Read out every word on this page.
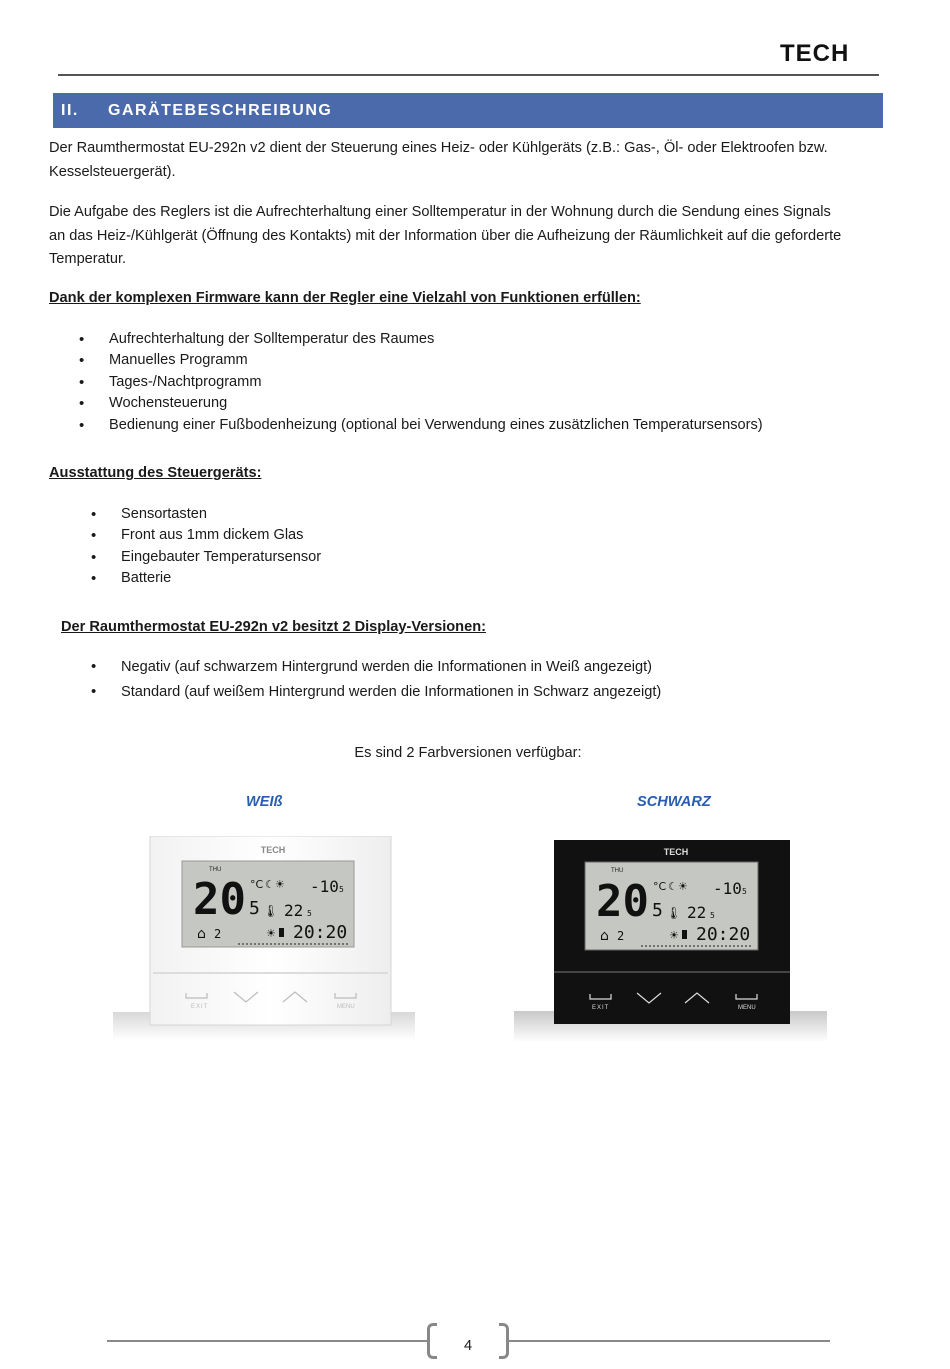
TECH
II. GARÄTEBESCHREIBUNG
Der Raumthermostat EU-292n v2 dient der Steuerung eines Heiz- oder Kühlgeräts (z.B.: Gas-, Öl- oder Elektroofen bzw.
Kesselsteuergerät).
Die Aufgabe des Reglers ist die Aufrechterhaltung einer Solltemperatur in der Wohnung durch die Sendung eines Signals
an das Heiz-/Kühlgerät (Öffnung des Kontakts) mit der Information über die Aufheizung der Räumlichkeit auf die geforderte
Temperatur.
Dank der komplexen Firmware kann der Regler eine Vielzahl von Funktionen erfüllen:
• Aufrechterhaltung der Solltemperatur des Raumes
• Manuelles Programm
• Tages-/Nachtprogramm
• Wochensteuerung
• Bedienung einer Fußbodenheizung (optional bei Verwendung eines zusätzlichen Temperatursensors)
Ausstattung des Steuergeräts:
• Sensortasten
• Front aus 1mm dickem Glas
• Eingebauter Temperatursensor
• Batterie
Der Raumthermostat EU-292n v2 besitzt 2 Display-Versionen:
• Negativ (auf schwarzem Hintergrund werden die Informationen in Weiß angezeigt)
• Standard (auf weißem Hintergrund werden die Informationen in Schwarz angezeigt)
Es sind 2 Farbversionen verfügbar:
WEIß	SCHWARZ
TECH
THU
20 5
°C ☾☀ -10 5
🌡 22 5
⌂ 2	☀ 20:20
EXIT	MENU
TECH
THU
20 5
°C ☾☀ -10 5
🌡 22 5
⌂ 2	☀ 20:20
EXIT	MENU
4
